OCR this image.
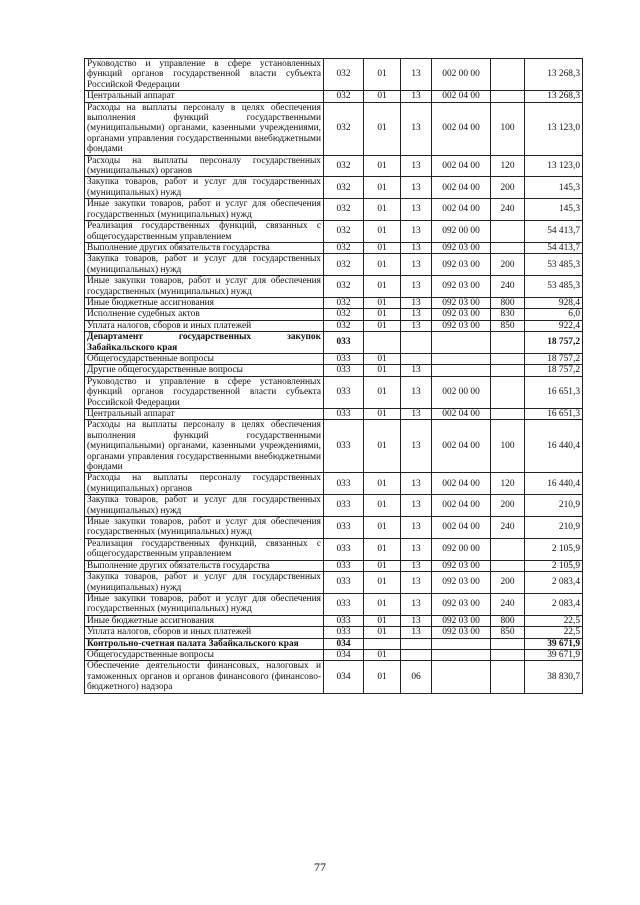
Руководство и управление в сфере установленных функций органов государственной власти субъекта Российской Федерации	032	01	13	002 00 00		13 268,3
Центральный аппарат	032	01	13	002 04 00		13 268,3
Расходы на выплаты персоналу в целях обеспечения выполнения функций государственными (муниципальными) органами, казенными учреждениями, органами управления государственными внебюджетными фондами	032	01	13	002 04 00	100	13 123,0
Расходы на выплаты персоналу государственных (муниципальных) органов	032	01	13	002 04 00	120	13 123,0
Закупка товаров, работ и услуг для государственных (муниципальных) нужд	032	01	13	002 04 00	200	145,3
Иные закупки товаров, работ и услуг для обеспечения государственных (муниципальных) нужд	032	01	13	002 04 00	240	145,3
Реализация государственных функций, связанных с общегосударственным управлением	032	01	13	092 00 00		54 413,7
Выполнение других обязательств государства	032	01	13	092 03 00		54 413,7
Закупка товаров, работ и услуг для государственных (муниципальных) нужд	032	01	13	092 03 00	200	53 485,3
Иные закупки товаров, работ и услуг для обеспечения государственных (муниципальных) нужд	032	01	13	092 03 00	240	53 485,3
Иные бюджетные ассигнования	032	01	13	092 03 00	800	928,4
Исполнение судебных актов	032	01	13	092 03 00	830	6,0
Уплата налогов, сборов и иных платежей	032	01	13	092 03 00	850	922,4
Департамент государственных закупок Забайкальского края	033					18 757,2
Общегосударственные вопросы	033	01				18 757,2
Другие общегосударственные вопросы	033	01	13			18 757,2
Руководство и управление в сфере установленных функций органов государственной власти субъекта Российской Федерации	033	01	13	002 00 00		16 651,3
Центральный аппарат	033	01	13	002 04 00		16 651,3
Расходы на выплаты персоналу в целях обеспечения выполнения функций государственными (муниципальными) органами, казенными учреждениями, органами управления государственными внебюджетными фондами	033	01	13	002 04 00	100	16 440,4
Расходы на выплаты персоналу государственных (муниципальных) органов	033	01	13	002 04 00	120	16 440,4
Закупка товаров, работ и услуг для государственных (муниципальных) нужд	033	01	13	002 04 00	200	210,9
Иные закупки товаров, работ и услуг для обеспечения государственных (муниципальных) нужд	033	01	13	002 04 00	240	210,9
Реализация государственных функций, связанных с общегосударственным управлением	033	01	13	092 00 00		2 105,9
Выполнение других обязательств государства	033	01	13	092 03 00		2 105,9
Закупка товаров, работ и услуг для государственных (муниципальных) нужд	033	01	13	092 03 00	200	2 083,4
Иные закупки товаров, работ и услуг для обеспечения государственных (муниципальных) нужд	033	01	13	092 03 00	240	2 083,4
Иные бюджетные ассигнования	033	01	13	092 03 00	800	22,5
Уплата налогов, сборов и иных платежей	033	01	13	092 03 00	850	22,5
Контрольно-счетная палата Забайкальского края	034					39 671,9
Общегосударственные вопросы	034	01				39 671,9
Обеспечение деятельности финансовых, налоговых и таможенных органов и органов финансового (финансово-бюджетного) надзора	034	01	06			38 830,7
77
